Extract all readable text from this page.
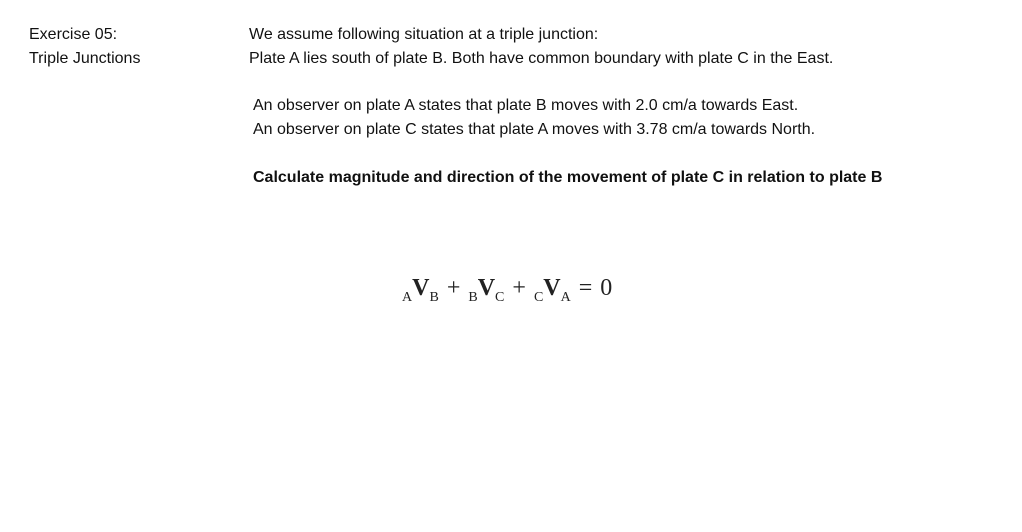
Exercise 05:
Triple Junctions
We assume following situation at a triple junction:
Plate A lies south of plate B. Both have common boundary with plate C in the East.
An observer on plate A states that plate B moves with 2.0 cm/a towards East.
An observer on plate C states that plate A moves with 3.78 cm/a towards North.
Calculate magnitude and direction of the movement of plate C in relation to plate B
$_AV_B + _BV_C + _CV_A = 0$
